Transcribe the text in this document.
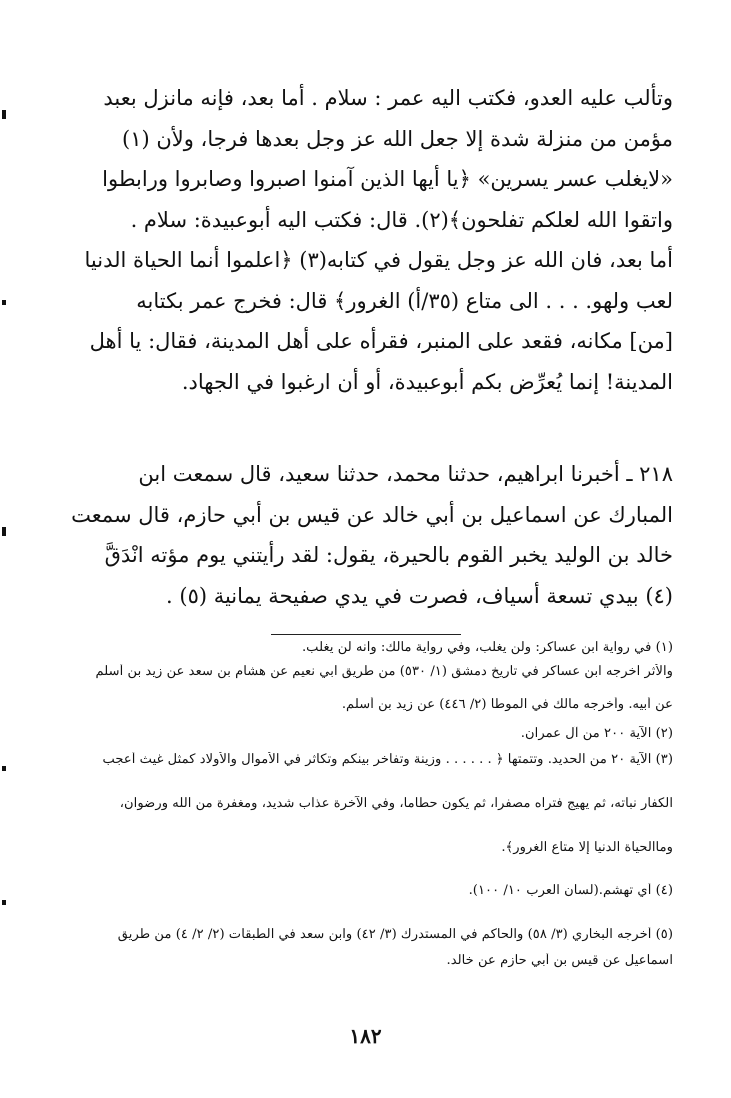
وتألب عليه العدو، فكتب اليه عمر : سلام . أما بعد، فإنه مانزل بعبد
مؤمن من منزلة شدة إلا جعل الله عز وجل بعدها فرجا، ولأن (١)
«لايغلب عسر يسرين» ﴿يا أيها الذين آمنوا اصبروا وصابروا ورابطوا
واتقوا الله لعلكم تفلحون﴾(٢). قال: فكتب اليه أبوعبيدة: سلام .
أما بعد، فان الله عز وجل يقول في كتابه(٣) ﴿اعلموا أنما الحياة الدنيا
لعب ولهو. . . . الى متاع (٣٥/أ) الغرور﴾ قال: فخرج عمر بكتابه
[من] مكانه، فقعد على المنبر، فقرأه على أهل المدينة، فقال: يا أهل
المدينة! إنما يُعرِّض بكم أبوعبيدة، أو أن ارغبوا في الجهاد.
٢١٨ ـ أخبرنا ابراهيم، حدثنا محمد، حدثنا سعيد، قال سمعت ابن
المبارك عن اسماعيل بن أبي خالد عن قيس بن أبي حازم، قال سمعت
خالد بن الوليد يخبر القوم بالحيرة، يقول: لقد رأيتني يوم مؤته انْدَقَّ
(٤) بيدي تسعة أسياف، فصرت في يدي صفيحة يمانية (٥) .
(١) في رواية ابن عساكر: ولن يغلب، وفي رواية مالك: وانه لن يغلب.
والأثر اخرجه ابن عساكر في تاريخ دمشق (١/ ٥٣٠) من طريق ابي نعيم عن هشام بن سعد عن زيد بن أسلم
عن أبيه. وأخرجه مالك في الموطأ (٢/ ٤٤٦) عن زيد بن أسلم.
(٢) الآية ٢٠٠ من آل عمران.
(٣) الآية ٢٠ من الحديد. وتتمتها ﴿ . . . . . . وزينة وتفاخر بينكم وتكاثر في الأموال والأولاد كمثل غيث أعجب
الكفار نباته، ثم يهيج فتراه مصفرا، ثم يكون حطاما، وفي الآخرة عذاب شديد، ومغفرة من الله ورضوان،
وماالحياة الدنيا إلا متاع الغرور﴾.
(٤) أي تهشم.(لسان العرب ١٠/ ١٠٠).
(٥) أخرجه البخاري (٣/ ٥٨) والحاكم في المستدرك (٣/ ٤٢) وابن سعد في الطبقات (٢/ ٢/ ٤) من طريق
اسماعيل عن قيس بن أبي حازم عن خالد.
١٨٢
